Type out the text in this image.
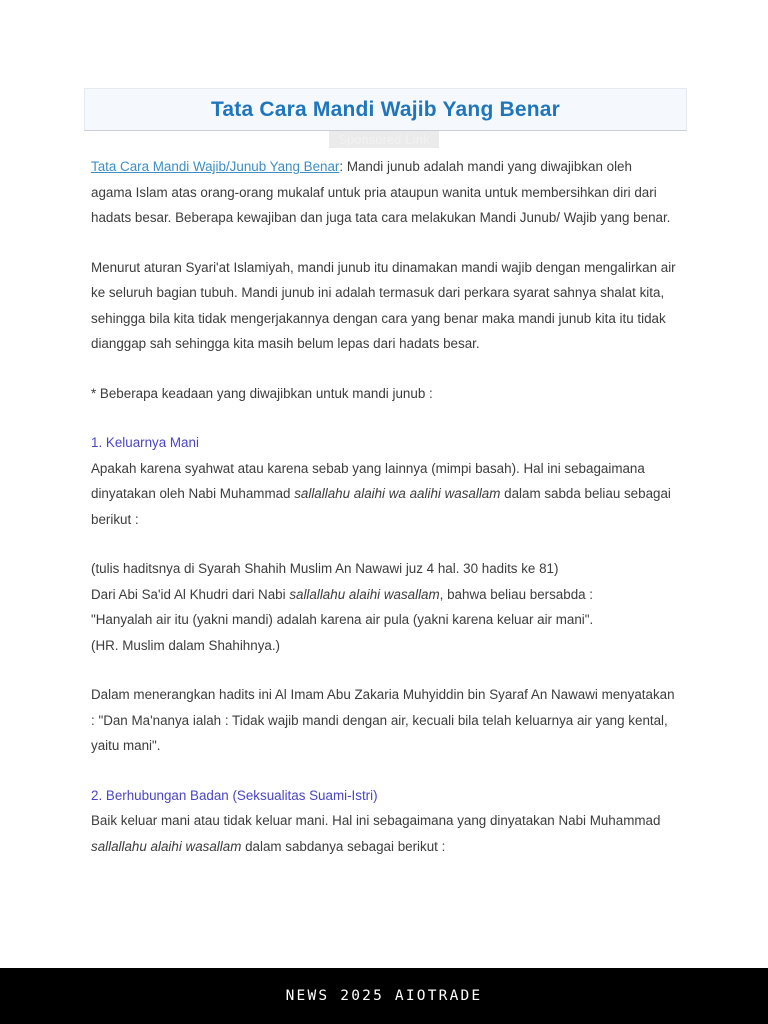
Tata Cara Mandi Wajib Yang Benar
Sponsored Link

Tata Cara Mandi Wajib/Junub Yang Benar: Mandi junub adalah mandi yang diwajibkan oleh agama Islam atas orang-orang mukalaf untuk pria ataupun wanita untuk membersihkan diri dari hadats besar. Beberapa kewajiban dan juga tata cara melakukan Mandi Junub/ Wajib yang benar.

Menurut aturan Syari'at Islamiyah, mandi junub itu dinamakan mandi wajib dengan mengalirkan air ke seluruh bagian tubuh. Mandi junub ini adalah termasuk dari perkara syarat sahnya shalat kita, sehingga bila kita tidak mengerjakannya dengan cara yang benar maka mandi junub kita itu tidak dianggap sah sehingga kita masih belum lepas dari hadats besar.

* Beberapa keadaan yang diwajibkan untuk mandi junub :

1. Keluarnya Mani
Apakah karena syahwat atau karena sebab yang lainnya (mimpi basah). Hal ini sebagaimana dinyatakan oleh Nabi Muhammad sallallahu alaihi wa aalihi wasallam dalam sabda beliau sebagai berikut :
(tulis haditsnya di Syarah Shahih Muslim An Nawawi juz 4 hal. 30 hadits ke 81)
Dari Abi Sa'id Al Khudri dari Nabi sallallahu alaihi wasallam, bahwa beliau bersabda :
"Hanyalah air itu (yakni mandi) adalah karena air pula (yakni karena keluar air mani".
(HR. Muslim dalam Shahihnya.)

Dalam menerangkan hadits ini Al Imam Abu Zakaria Muhyiddin bin Syaraf An Nawawi menyatakan : "Dan Ma'nanya ialah : Tidak wajib mandi dengan air, kecuali bila telah keluarnya air yang kental, yaitu mani".

2. Berhubungan Badan (Seksualitas Suami-Istri)
Baik keluar mani atau tidak keluar mani. Hal ini sebagaimana yang dinyatakan Nabi Muhammad sallallahu alaihi wasallam dalam sabdanya sebagai berikut :
NEWS 2025 AIOTRADE
